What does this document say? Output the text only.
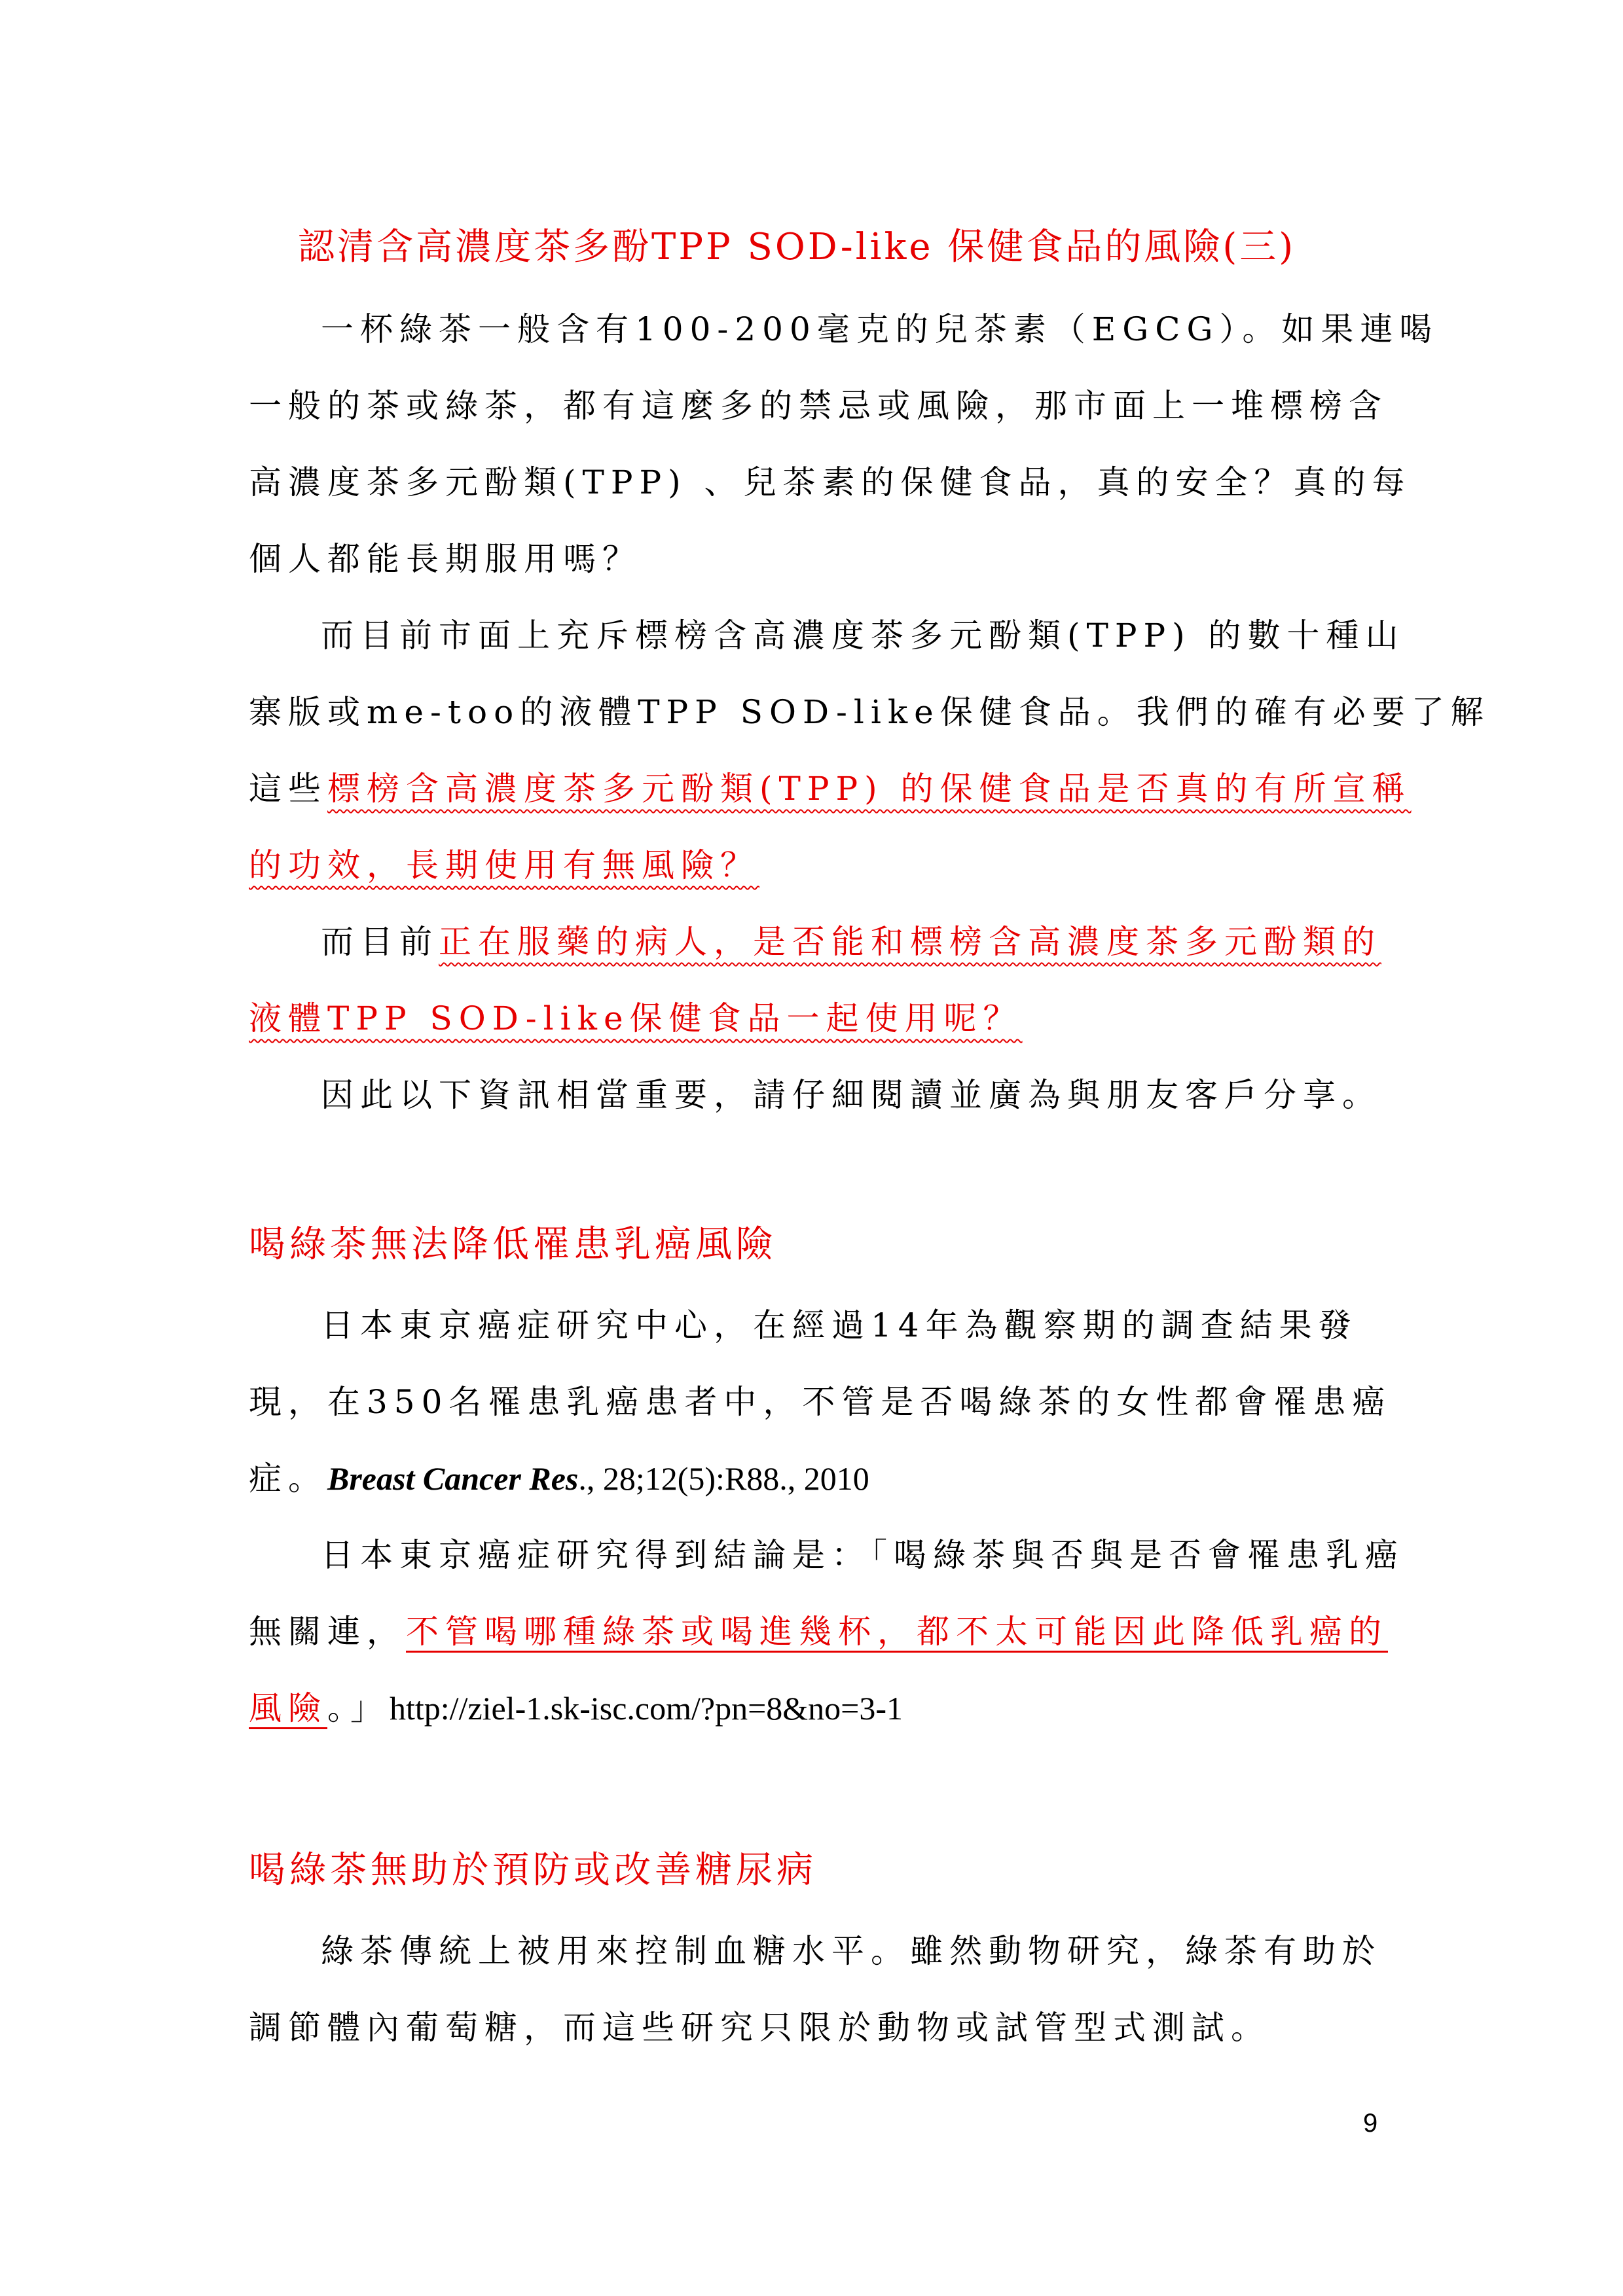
認清含高濃度茶多酚TPP SOD-like 保健食品的風險(三)
一杯綠茶一般含有100-200毫克的兒茶素（EGCG）。如果連喝
一般的茶或綠茶，都有這麼多的禁忌或風險，那市面上一堆標榜含
高濃度茶多元酚類(TPP) 、兒茶素的保健食品，真的安全？真的每
個人都能長期服用嗎？
而目前市面上充斥標榜含高濃度茶多元酚類(TPP) 的數十種山
寨版或me-too的液體TPP SOD-like保健食品。我們的確有必要了解
這些標榜含高濃度茶多元酚類(TPP) 的保健食品是否真的有所宣稱
的功效，長期使用有無風險？
而目前正在服藥的病人，是否能和標榜含高濃度茶多元酚類的
液體TPP SOD-like保健食品一起使用呢？
因此以下資訊相當重要，請仔細閱讀並廣為與朋友客戶分享。
喝綠茶無法降低罹患乳癌風險
日本東京癌症研究中心，在經過14年為觀察期的調查結果發
現，在350名罹患乳癌患者中，不管是否喝綠茶的女性都會罹患癌
症。Breast Cancer Res., 28;12(5):R88., 2010
日本東京癌症研究得到結論是：「喝綠茶與否與是否會罹患乳癌
無關連，不管喝哪種綠茶或喝進幾杯，都不太可能因此降低乳癌的
風險。」http://ziel-1.sk-isc.com/?pn=8&no=3-1
喝綠茶無助於預防或改善糖尿病
綠茶傳統上被用來控制血糖水平。雖然動物研究，綠茶有助於
調節體內葡萄糖，而這些研究只限於動物或試管型式測試。
9
